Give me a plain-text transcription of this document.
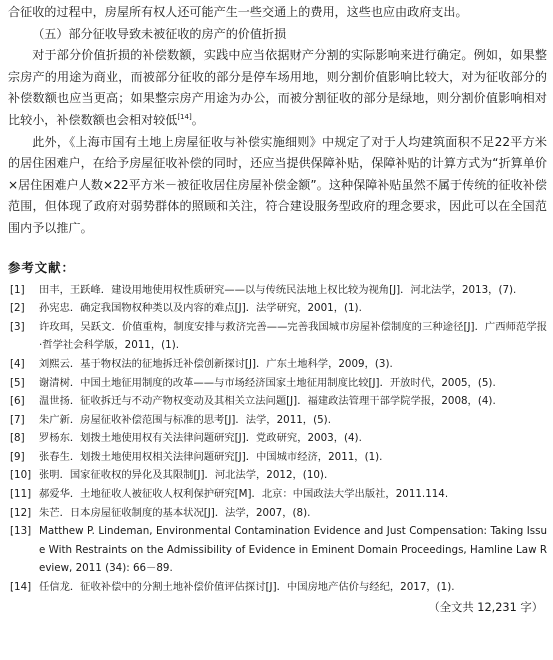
合征收的过程中，房屋所有权人还可能产生一些交通上的费用，这些也应由政府支出。

（五）部分征收导致未被征收的房产的价值折损

对于部分价值折损的补偿数额，实践中应当依据财产分割的实际影响来进行确定。例如，如果整宗房产的用途为商业，而被部分征收的部分是停车场用地，则分割价值影响比较大，对为征收部分的补偿数额也应当更高；如果整宗房产用途为办公，而被分割征收的部分是绿地，则分割价值影响相对比较小，补偿数额也会相对较低[14]。

此外，《上海市国有土地上房屋征收与补偿实施细则》中规定了对于人均建筑面积不足22平方米的居住困难户，在给予房屋征收补偿的同时，还应当提供保障补贴，保障补贴的计算方式为“折算单价×居住困难户人数×22平方米－被征收居住房屋补偿金额”。这种保障补贴虽然不属于传统的征收补偿范围，但体现了政府对弱势群体的照顾和关注，符合建设服务型政府的理念要求，因此可以在全国范围内予以推广。

参考文献：
[1] 田丰，王跃峰．建设用地使用权性质研究——以与传统民法地上权比较为视角[J]．河北法学，2013，(7).
[2] 孙宪忠．确定我国物权种类以及内容的难点[J]．法学研究，2001，(1).
[3] 许玫珥，吴跃文．价值重构，制度安排与救济完善——完善我国城市房屋补偿制度的三种途径[J]．广西师范学报·哲学社会科学版，2011，(1).
[4] 刘熙云．基于物权法的征地拆迁补偿创新探讨[J]．广东土地科学，2009，(3).
[5] 谢清树．中国土地征用制度的改革——与市场经济国家土地征用制度比较[J]．开放时代，2005，(5).
[6] 温世扬．征收拆迁与不动产物权变动及其相关立法问题[J]．福建政法管理干部学院学报，2008，(4).
[7] 朱广新．房屋征收补偿范围与标准的思考[J]．法学，2011，(5).
[8] 罗杨东．划拨土地使用权有关法律问题研究[J]．党政研究，2003，(4).
[9] 张春生．划拨土地使用权相关法律问题研究[J]．中国城市经济，2011，(1).
[10] 张明．国家征收权的异化及其限制[J]．河北法学，2012，(10).
[11] 郝爱华．土地征收人被征收人权利保护研究[M]．北京：中国政法大学出版社，2011.114.
[12] 朱芒．日本房屋征收制度的基本状况[J]．法学，2007，(8).
[13] Matthew P. Lindeman, Environmental Contamination Evidence and Just Compensation: Taking Issue With Restraints on the Admissibility of Evidence in Eminent Domain Proceedings, Hamline Law Review, 2011 (34): 66－89.
[14] 任信龙．征收补偿中的分割土地补偿价值评估探讨[J]．中国房地产估价与经纪，2017，(1).
（全文共 12,231 字）
